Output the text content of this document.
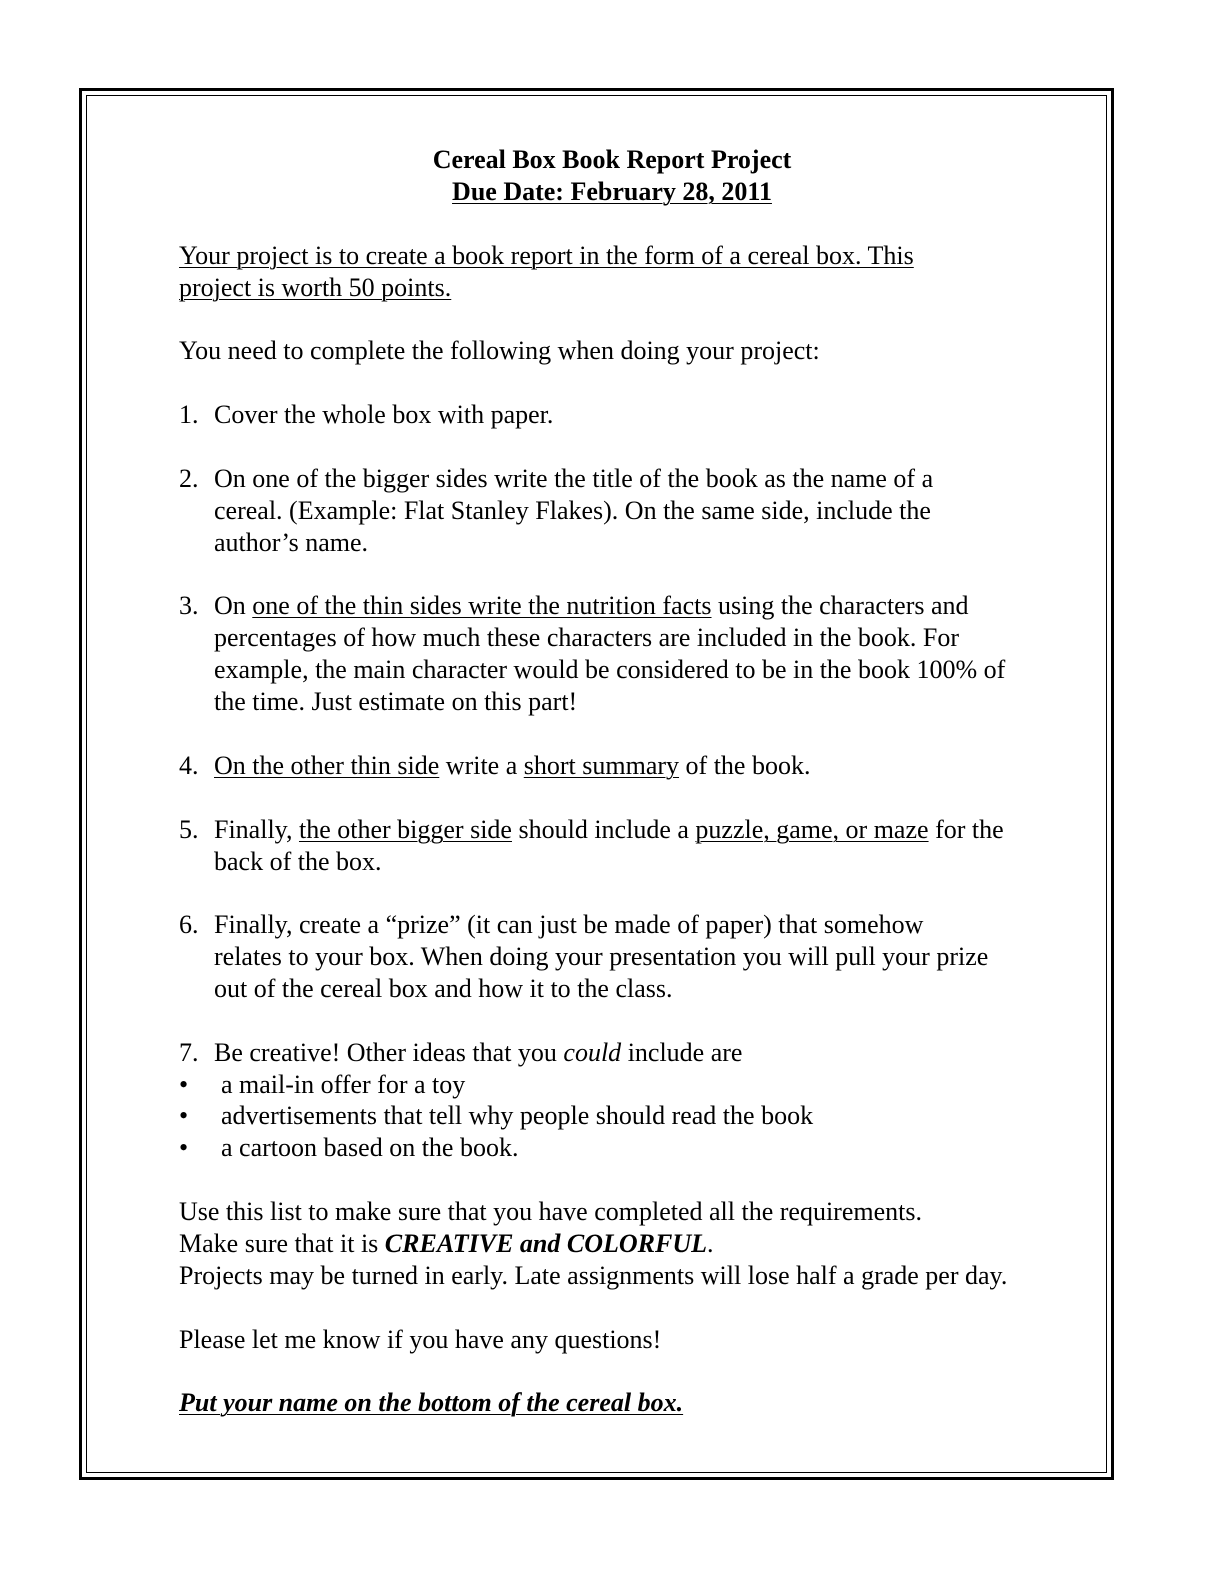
Cereal Box Book Report Project
Due Date: February 28, 2011
Your project is to create a book report in the form of a cereal box. This project is worth 50 points.
You need to complete the following when doing your project:
1. Cover the whole box with paper.
2. On one of the bigger sides write the title of the book as the name of a cereal. (Example: Flat Stanley Flakes). On the same side, include the author’s name.
3. On one of the thin sides write the nutrition facts using the characters and percentages of how much these characters are included in the book. For example, the main character would be considered to be in the book 100% of the time. Just estimate on this part!
4. On the other thin side write a short summary of the book.
5. Finally, the other bigger side should include a puzzle, game, or maze for the back of the box.
6. Finally, create a “prize” (it can just be made of paper) that somehow relates to your box. When doing your presentation you will pull your prize out of the cereal box and how it to the class.
7. Be creative! Other ideas that you could include are
• a mail-in offer for a toy
• advertisements that tell why people should read the book
• a cartoon based on the book.
Use this list to make sure that you have completed all the requirements.
Make sure that it is CREATIVE and COLORFUL.
Projects may be turned in early. Late assignments will lose half a grade per day.
Please let me know if you have any questions!
Put your name on the bottom of the cereal box.
